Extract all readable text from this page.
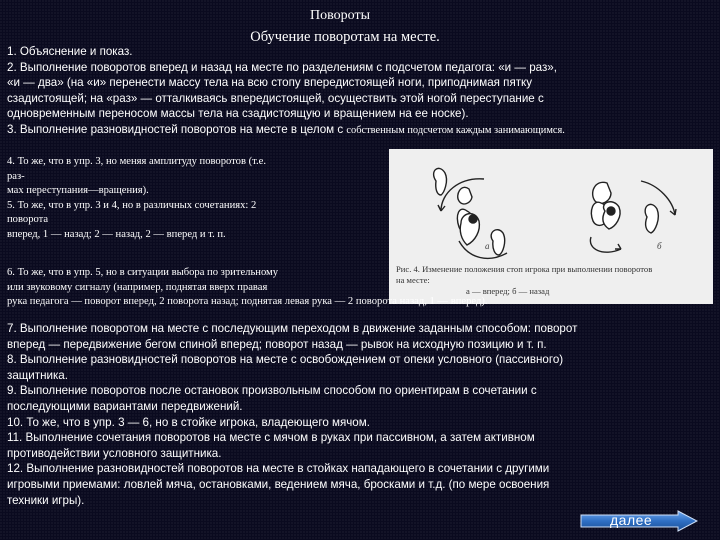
Повороты
Обучение поворотам на месте.
1. Объяснение и показ.
2. Выполнение поворотов вперед и назад на месте по разделениям с подсчетом педагога: «и — раз»,
«и — два» (на «и» перенести массу тела на всю стопу впередистоящей ноги, приподнимая пятку
сзадистоящей; на «раз» — отталкиваясь впередистоящей, осуществить этой ногой переступание с
одновременным переносом массы тела на сзадистоящую и вращением на ее носке).
3. Выполнение разновидностей поворотов на месте в целом с собственным подсчетом каждым занимающимся.
4. То же, что в упр. 3, но меняя амплитуду поворотов (т.е.
раз-
мах переступания—вращения).
5. То же, что в упр. 3 и 4, но в различных сочетаниях: 2
поворота
вперед, 1 — назад; 2 — назад, 2 — вперед и т. п.
а	б
Рис. 4. Изменение положения стоп игрока при выполнении поворотов
на месте:
а — вперед; б — назад
6. То же, что в упр. 5, но в ситуации выбора по зрительному
или звуковому сигналу (например, поднятая вверх правая
рука педагога — поворот вперед, 2 поворота назад; поднятая левая рука — 2 поворота назад, 1 — вперед).
7. Выполнение поворотом на месте с последующим переходом в движение заданным способом: поворот
вперед — передвижение бегом спиной вперед; поворот назад — рывок на исходную позицию и т. п.
8. Выполнение разновидностей поворотов на месте с освобождением от опеки условного (пассивного)
защитника.
9. Выполнение поворотов после остановок произвольным способом по ориентирам в сочетании с
последующими вариантами передвижений.
10. То же, что в упр. 3 — 6, но в стойке игрока, владеющего мячом.
11. Выполнение сочетания поворотов на месте с мячом в руках при пассивном, а затем активном
противодействии условного защитника.
12. Выполнение разновидностей поворотов на месте в стойках нападающего в сочетании с другими
игровыми приемами: ловлей мяча, остановками, ведением мяча, бросками и т.д. (по мере освоения
техники игры).
далее
